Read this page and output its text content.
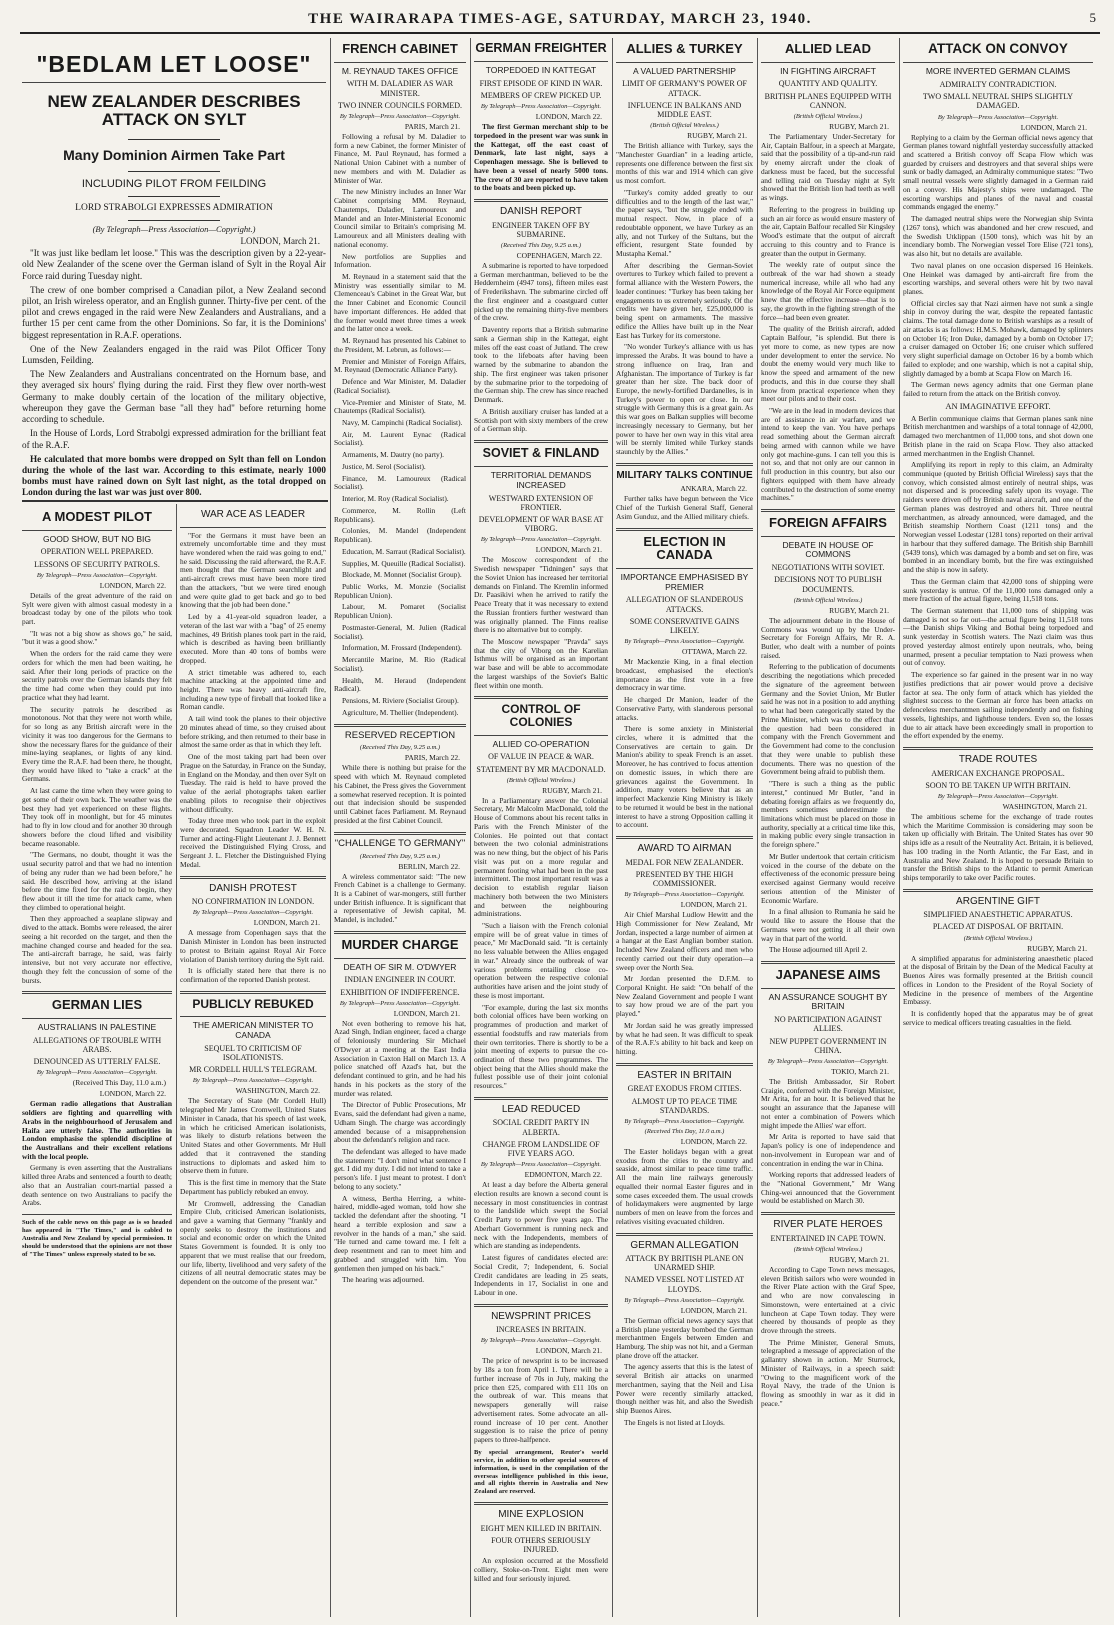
THE WAIRARAPA TIMES-AGE, SATURDAY, MARCH 23, 1940.	5
"BEDLAM LET LOOSE"
NEW ZEALANDER DESCRIBES ATTACK ON SYLT
Many Dominion Airmen Take Part
INCLUDING PILOT FROM FEILDING
LORD STRABOLGI EXPRESSES ADMIRATION
(By Telegraph—Press Association—Copyright.)
LONDON, March 21.

"It was just like bedlam let loose." This was the description given by a 22-year-old New Zealander of the scene over the German island of Sylt in the Royal Air Force raid during Tuesday night.

The crew of one bomber comprised a Canadian pilot, a New Zealand second pilot, an Irish wireless operator, and an English gunner. Thirty-five per cent. of the pilot and crews engaged in the raid were New Zealanders and Australians, and a further 15 per cent came from the other Dominions. So far, it is the Dominions' biggest representation in R.A.F. operations.

One of the New Zealanders engaged in the raid was Pilot Officer Tony Lumsden, Feilding.

The New Zealanders and Australians concentrated on the Hornum base, and they averaged six hours' flying during the raid. First they flew over north-west Germany to make doubly certain of the location of the military objective, whereupon they gave the German base "all they had" before returning home according to schedule.

In the House of Lords, Lord Strabolgi expressed admiration for the brilliant feat of the R.A.F.

He calculated that more bombs were dropped on Sylt than fell on London during the whole of the last war. According to this estimate, nearly 1000 bombs must have rained down on Sylt last night, as the total dropped on London during the last war was just over 800.

A MODEST PILOT
GOOD SHOW, BUT NO BIG
OPERATION WELL PREPARED.
LESSONS OF SECURITY PATROLS.
By Telegraph—Press Association—Copyright.
LONDON, March 22.

Details of the great adventure of the raid on Sylt were given with almost casual modesty in a broadcast today by one of the pilots who took part.

"It was not a big show as shows go," he said, "but it was a good show."

When the orders for the raid came they were orders for which the men had been waiting, he said. After their long periods of practice on the security patrols over the German islands they felt the time had come when they could put into practice what they had learnt.

The security patrols he described as monotonous. Not that they were not worth while, for so long as any British aircraft were in the vicinity it was too dangerous for the Germans to show the necessary flares for the guidance of their mine-laying seaplanes, or lights of any kind. Every time the R.A.F. had been there, he thought, they would have liked to "take a crack" at the Germans.

At last came the time when they were going to get some of their own back. The weather was the best they had yet experienced on these flights. They took off in moonlight, but for 45 minutes had to fly in low cloud and for another 30 through showers before the cloud lifted and visibility became reasonable.

"The Germans, no doubt, thought it was the usual security patrol and that we had no intention of being any ruder than we had been before," he said. He described how, arriving at the island before the time fixed for the raid to begin, they flew about it till the time for attack came, when they climbed to operational height.

Then they approached a seaplane slipway and dived to the attack. Bombs were released, the airer seeing a hit recorded on the target, and then the machine changed course and headed for the sea. The anti-aircraft barrage, he said, was fairly intensive, but not very accurate nor effective, though they felt the concussion of some of the bursts.

GERMAN LIES
AUSTRALIANS IN PALESTINE
ALLEGATIONS OF TROUBLE WITH ARABS.
DENOUNCED AS UTTERLY FALSE.
By Telegraph—Press Association—Copyright.
(Received This Day, 11.0 a.m.)
LONDON, March 22.

German radio allegations that Australian soldiers are fighting and quarrelling with Arabs in the neighbourhood of Jerusalem and Haifa are utterly false. The authorities in London emphasise the splendid discipline of the Australians and their excellent relations with the local people.

Germany is even asserting that the Australians killed three Arabs and sentenced a fourth to death; also that an Australian court-martial passed a death sentence on two Australians to pacify the Arabs.

Such of the cable news on this page as is so headed has appeared in "The Times," and is cabled to Australia and New Zealand by special permission. It should be understood that the opinions are not those of "The Times" unless expressly stated to be so.

WAR ACE AS LEADER

"For the Germans it must have been an extremely uncomfortable time and they must have wondered when the raid was going to end," he said. Discussing the raid afterward, the R.A.F. men thought that the German searchlight and anti-aircraft crews must have been more tired than the attackers, "but we were tired enough and were quite glad to get back and go to bed knowing that the job had been done."

Led by a 41-year-old squadron leader, a veteran of the last war with a "bag" of 25 enemy machines, 49 British planes took part in the raid, which is described as having been brilliantly executed. More than 40 tons of bombs were dropped.

A strict timetable was adhered to, each machine attacking at the appointed time and height. There was heavy anti-aircraft fire, including a new type of fireball that looked like a Roman candle.

A tail wind took the planes to their objective 20 minutes ahead of time, so they cruised about before striking, and then returned to their base in almost the same order as that in which they left.

One of the most taking part had been over Prague on the Saturday, in France on the Sunday, in England on the Monday, and then over Sylt on Tuesday. The raid is held to have proved the value of the aerial photographs taken earlier enabling pilots to recognise their objectives without difficulty.

Today three men who took part in the exploit were decorated. Squadron Leader W. H. N. Turner and acting-Flight Lieutenant J. J. Bennett received the Distinguished Flying Cross, and Sergeant J. L. Fletcher the Distinguished Flying Medal.

DANISH PROTEST
NO CONFIRMATION IN LONDON.
By Telegraph—Press Association—Copyright.
LONDON, March 21.

A message from Copenhagen says that the Danish Minister in London has been instructed to protest to Britain against Royal Air Force violation of Danish territory during the Sylt raid.

It is officially stated here that there is no confirmation of the reported Danish protest.

PUBLICLY REBUKED
THE AMERICAN MINISTER TO CANADA
SEQUEL TO CRITICISM OF ISOLATIONISTS.
MR CORDELL HULL'S TELEGRAM.
By Telegraph—Press Association—Copyright.
WASHINGTON, March 22.

The Secretary of State (Mr Cordell Hull) telegraphed Mr James Cromwell, United States Minister in Canada, that his speech of last week, in which he criticised American isolationists, was likely to disturb relations between the United States and other Governments. Mr Hull added that it contravened the standing instructions to diplomats and asked him to observe them in future.

This is the first time in memory that the State Department has publicly rebuked an envoy.

Mr Cromwell, addressing the Canadian Empire Club, criticised American isolationists, and gave a warning that Germany "frankly and openly seeks to destroy the institutions and social and economic order on which the United States Government is founded. It is only too apparent that we must realise that our freedom, our life, liberty, livelihood and very safety of the citizens of all neutral democratic states may be dependent on the outcome of the present war."

FRENCH CABINET
M. REYNAUD TAKES OFFICE
WITH M. DALADIER AS WAR MINISTER.
TWO INNER COUNCILS FORMED.
By Telegraph—Press Association—Copyright.
PARIS, March 21.

Following a refusal by M. Daladier to form a new Cabinet, the former Minister of Finance, M. Paul Reynaud, has formed a National Union Cabinet with a number of new members and with M. Daladier as Minister of War.

The new Ministry includes an Inner War Cabinet comprising MM. Reynaud, Chautemps, Daladier, Lamoureux and Mandel and an Inter-Ministerial Economic Council similar to Britain's comprising M. Lamoureux and all Ministers dealing with national economy.

New portfolios are Supplies and Information.

M. Reynaud in a statement said that the Ministry was essentially similar to M. Clemenceau's Cabinet in the Great War, but the Inner Cabinet and Economic Council have important differences. He added that the former would meet three times a week and the latter once a week.

M. Reynaud has presented his Cabinet to the President, M. Lebrun, as follows:—

Premier and Minister of Foreign Affairs, M. Reynaud (Democratic Alliance Party).

Defence and War Minister, M. Daladier (Radical Socialist).

Vice-Premier and Minister of State, M. Chautemps (Radical Socialist).

Navy, M. Campinchi (Radical Socialist).

Air, M. Laurent Eynac (Radical Socialist).

Armaments, M. Dautry (no party).

Justice, M. Serol (Socialist).

Finance, M. Lamoureux (Radical Socialist).

Interior, M. Roy (Radical Socialist).

Commerce, M. Rollin (Left Republicans).

Colonies, M. Mandel (Independent Republican).

Education, M. Sarraut (Radical Socialist).

Supplies, M. Queuille (Radical Socialist).

Blockade, M. Monnet (Socialist Group).

Public Works, M. Monzie (Socialist Republican Union).

Labour, M. Pomaret (Socialist Republican Union).

Postmaster-General, M. Julien (Radical Socialist).

Information, M. Frossard (Independent).

Mercantile Marine, M. Rio (Radical Socialist).

Health, M. Heraud (Independent Radical).

Pensions, M. Riviere (Socialist Group).

Agriculture, M. Thellier (Independent).

RESERVED RECEPTION
(Received This Day, 9.25 a.m.)
PARIS, March 22.

While there is nothing but praise for the speed with which M. Reynaud completed his Cabinet, the Press gives the Government a somewhat reserved reception. It is pointed out that indecision should be suspended until Cabinet faces Parliament. M. Reynaud presided at the first Cabinet Council.

"CHALLENGE TO GERMANY"
(Received This Day, 9.25 a.m.)
BERLIN, March 22.

A wireless commentator said: "The new French Cabinet is a challenge to Germany. It is a Cabinet of war-mongers, still further under British influence. It is significant that a representative of Jewish capital, M. Mandel, is included."

MURDER CHARGE
DEATH OF SIR M. O'DWYER
INDIAN ENGINEER IN COURT.
EXHIBITION OF INDIFFERENCE.
By Telegraph—Press Association—Copyright.
LONDON, March 21.

Not even bothering to remove his hat, Azad Singh, Indian engineer, faced a charge of feloniously murdering Sir Michael O'Dwyer at a meeting at the East India Association in Caxton Hall on March 13. A police snatched off Azad's hat, but the defendant continued to grin, and he had his hands in his pockets as the story of the murder was related.

The Director of Public Prosecutions, Mr Evans, said the defendant had given a name, Udham Singh. The charge was accordingly amended because of a misapprehension about the defendant's religion and race.

The defendant was alleged to have made the statement: "I don't mind what sentence I get. I did my duty. I did not intend to take a person's life. I just meant to protest. I don't belong to any society."

A witness, Bertha Herring, a white-haired, middle-aged woman, told how she tackled the defendant after the shooting. "I heard a terrible explosion and saw a revolver in the hands of a man," she said. "He turned and came toward me. I felt a deep resentment and ran to meet him and grabbed and struggled with him. You gentlemen then jumped on his back."

The hearing was adjourned.

GERMAN FREIGHTER
TORPEDOED IN KATTEGAT
FIRST EPISODE OF KIND IN WAR.
MEMBERS OF CREW PICKED UP.
By Telegraph—Press Association—Copyright.
LONDON, March 22.

The first German merchant ship to be torpedoed in the present war was sunk in the Kattegat, off the east coast of Denmark, late last night, says a Copenhagen message. She is believed to have been a vessel of nearly 5000 tons. The crew of 30 are reported to have taken to the boats and been picked up.

DANISH REPORT
ENGINEER TAKEN OFF BY SUBMARINE.
(Received This Day, 9.25 a.m.)
COPENHAGEN, March 22.

A submarine is reported to have torpedoed a German merchantman, believed to be the Heddernheim (4947 tons), fifteen miles east of Frederikshavn. The submarine circled off the first engineer and a coastguard cutter picked up the remaining thirty-five members of the crew.

Daventry reports that a British submarine sank a German ship in the Kattegat, eight miles off the east coast of Jutland. The crew took to the lifeboats after having been warned by the submarine to abandon the ship. The first engineer was taken prisoner by the submarine prior to the torpedoing of the German ship. The crew has since reached Denmark.

A British auxiliary cruiser has landed at a Scottish port with sixty members of the crew of a German ship.

SOVIET & FINLAND
TERRITORIAL DEMANDS INCREASED
WESTWARD EXTENSION OF FRONTIER.
DEVELOPMENT OF WAR BASE AT VIBORG.
By Telegraph—Press Association—Copyright.
LONDON, March 21.

The Moscow correspondent of the Swedish newspaper "Tidningen" says that the Soviet Union has increased her territorial demands on Finland. The Kremlin informed Dr. Paasikivi when he arrived to ratify the Peace Treaty that it was necessary to extend the Russian frontiers further westward than was originally planned. The Finns realise there is no alternative but to comply.

The Moscow newspaper "Pravda" says that the city of Viborg on the Karelian Isthmus will be organised as an important war base and will be able to accommodate the largest warships of the Soviet's Baltic fleet within one month.

CONTROL OF COLONIES
ALLIED CO-OPERATION
OF VALUE IN PEACE & WAR.
STATEMENT BY MR MACDONALD.
(British Official Wireless.)
RUGBY, March 21.

In a Parliamentary answer the Colonial Secretary, Mr Malcolm MacDonald, told the House of Commons about his recent talks in Paris with the French Minister of the Colonies. He pointed out that contact between the two colonial administrations was no new thing, but the object of his Paris visit was put on a more regular and permanent footing what had been in the past intermittent. The most important result was a decision to establish regular liaison machinery both between the two Ministers and between the neighbouring administrations.

"Such a liaison with the French colonial empire will be of great value in times of peace," Mr MacDonald said. "It is certainly no less valuable between the Allies engaged in war." Already since the outbreak of war various problems entailing close co-operation between the respective colonial authorities have arisen and the joint study of these is most important.

"For example, during the last six months both colonial offices have been working on programmes of production and market of essential foodstuffs and raw materials from their own territories. There is shortly to be a joint meeting of experts to pursue the co-ordination of these two programmes. The object being that the Allies should make the fullest possible use of their joint colonial resources."

LEAD REDUCED
SOCIAL CREDIT PARTY IN ALBERTA.
CHANGE FROM LANDSLIDE OF FIVE YEARS AGO.
By Telegraph—Press Association—Copyright.
EDMONTON, March 22.

At least a day before the Alberta general election results are known a second count is necessary in most constituencies in contrast to the landslide which swept the Social Credit Party to power five years ago. The Aberhart Government is running neck and neck with the Independents, members of which are standing as independents.

Latest figures of candidates elected are: Social Credit, 7; Independent, 6. Social Credit candidates are leading in 25 seats, Independents in 17, Socialist in one and Labour in one.

NEWSPRINT PRICES
INCREASES IN BRITAIN.
By Telegraph—Press Association—Copyright.
LONDON, March 21.

The price of newsprint is to be increased by 18s a ton from April 1. There will be a further increase of 70s in July, making the price then £25, compared with £11 10s on the outbreak of war. This means that newspapers generally will raise advertisement rates. Some advocate an all-round increase of 10 per cent. Another suggestion is to raise the price of penny papers to three-halfpence.

By special arrangement, Reuter's world service, in addition to other special sources of information, is used in the compilation of the overseas intelligence published in this issue, and all rights therein in Australia and New Zealand are reserved.

MINE EXPLOSION
EIGHT MEN KILLED IN BRITAIN.
FOUR OTHERS SERIOUSLY INJURED.

An explosion occurred at the Mossfield colliery, Stoke-on-Trent. Eight men were killed and four seriously injured.

ALLIES & TURKEY
A VALUED PARTNERSHIP
LIMIT OF GERMANY'S POWER OF ATTACK.
INFLUENCE IN BALKANS AND MIDDLE EAST.
(British Official Wireless.)
RUGBY, March 21.

The British alliance with Turkey, says the "Manchester Guardian" in a leading article, represents one difference between the first six months of this war and 1914 which can give us most comfort.

"Turkey's comity added greatly to our difficulties and to the length of the last war," the paper says, "but the struggle ended with mutual respect. Now, in place of a redoubtable opponent, we have Turkey as an ally, and not Turkey of the Sultans, but the efficient, resurgent State founded by Mustapha Kemal."

After describing the German-Soviet overtures to Turkey which failed to prevent a formal alliance with the Western Powers, the leader continues: "Turkey has been taking her engagements to us extremely seriously. Of the credits we have given her, £25,000,000 is being spent on armaments. The massive edifice the Allies have built up in the Near East has Turkey for its cornerstone.

"No wonder Turkey's alliance with us has impressed the Arabs. It was bound to have a strong influence on Iraq, Iran and Afghanistan. The importance of Turkey is far greater than her size. The back door of Europe, the newly-fortified Dardanelles, is in Turkey's power to open or close. In our struggle with Germany this is a great gain. As this war goes on Balkan supplies will become increasingly necessary to Germany, but her power to have her own way in this vital area will be sternly limited while Turkey stands staunchly by the Allies."

MILITARY TALKS CONTINUE
ANKARA, March 22.

Further talks have begun between the Vice Chief of the Turkish General Staff, General Asim Gunduz, and the Allied military chiefs.

ELECTION IN CANADA
IMPORTANCE EMPHASISED BY PREMIER
ALLEGATION OF SLANDEROUS ATTACKS.
SOME CONSERVATIVE GAINS LIKELY.
By Telegraph—Press Association—Copyright.
OTTAWA, March 22.

Mr Mackenzie King, in a final election broadcast, emphasised the election's importance as the first vote in a free democracy in war time.

He charged Dr Manion, leader of the Conservative Party, with slanderous personal attacks.

There is some anxiety in Ministerial circles, where it is admitted that the Conservatives are certain to gain. Dr Manion's ability to speak French is an asset. Moreover, he has contrived to focus attention on domestic issues, in which there are grievances against the Government. In addition, many voters believe that as an imperfect Mackenzie King Ministry is likely to be returned it would be best in the national interest to have a strong Opposition calling it to account.

AWARD TO AIRMAN
MEDAL FOR NEW ZEALANDER.
PRESENTED BY THE HIGH COMMISSIONER.
By Telegraph—Press Association—Copyright.
LONDON, March 21.

Air Chief Marshal Ludlow Hewitt and the High Commissioner for New Zealand, Mr Jordan, inspected a large number of airmen at a hangar at the East Anglian bomber station. Included New Zealand officers and men who recently carried out their duty operation—a sweep over the North Sea.

Mr Jordan presented the D.F.M. to Corporal Knight. He said: "On behalf of the New Zealand Government and people I want to say how proud we are of the part you played."

Mr Jordan said he was greatly impressed by what he had seen. It was difficult to speak of the R.A.F.'s ability to hit back and keep on hitting.

EASTER IN BRITAIN
GREAT EXODUS FROM CITIES.
ALMOST UP TO PEACE TIME STANDARDS.
By Telegraph—Press Association—Copyright.
(Received This Day, 11.0 a.m.)
LONDON, March 22.

The Easter holidays began with a great exodus from the cities to the country and seaside, almost similar to peace time traffic. All the main line railways generously equalled their normal Easter figures and in some cases exceeded them. The usual crowds of holidaymakers were augmented by large numbers of men on leave from the forces and relatives visiting evacuated children.

GERMAN ALLEGATION
ATTACK BY BRITISH PLANE ON UNARMED SHIP.
NAMED VESSEL NOT LISTED AT LLOYDS.
By Telegraph—Press Association—Copyright.
LONDON, March 21.

The German official news agency says that a British plane yesterday bombed the German merchantmen Engels between Emden and Hamburg. The ship was not hit, and a German plane drove off the attacker.

The agency asserts that this is the latest of several British air attacks on unarmed merchantmen, saying that the Neil and Lisa Power were recently similarly attacked, though neither was hit, and also the Swedish ship Buenos Aires.

The Engels is not listed at Lloyds.

ALLIED LEAD
IN FIGHTING AIRCRAFT
QUANTITY AND QUALITY.
BRITISH PLANES EQUIPPED WITH CANNON.
(British Official Wireless.)
RUGBY, March 21.

The Parliamentary Under-Secretary for Air, Captain Balfour, in a speech at Margate, said that the possibility of a tip-and-run raid by enemy aircraft under the cloak of darkness must be faced, but the successful and telling raid on Tuesday night at Sylt showed that the British lion had teeth as well as wings.

Referring to the progress in building up such an air force as would ensure mastery of the air, Captain Balfour recalled Sir Kingsley Wood's estimate that the output of aircraft accruing to this country and to France is greater than the output in Germany.

The weekly rate of output since the outbreak of the war had shown a steady numerical increase, while all who had any knowledge of the Royal Air Force equipment knew that the effective increase—that is to say, the growth in the fighting strength of the force—had been even greater.

The quality of the British aircraft, added Captain Balfour, "is splendid. But there is yet more to come, as new types are now under development to enter the service. No doubt the enemy would very much like to know the speed and armament of the new products, and this in due course they shall know from practical experience when they meet our pilots and to their cost.

"We are in the lead in modern devices that are of assistance in air warfare, and we intend to keep the van. You have perhaps read something about the German aircraft being armed with cannon while we have only got machine-guns. I can tell you this is not so, and that not only are our cannon in full production in this country, but also our fighters equipped with them have already contributed to the destruction of some enemy machines."

FOREIGN AFFAIRS
DEBATE IN HOUSE OF COMMONS
NEGOTIATIONS WITH SOVIET.
DECISIONS NOT TO PUBLISH DOCUMENTS.
(British Official Wireless.)
RUGBY, March 21.

The adjournment debate in the House of Commons was wound up by the Under-Secretary for Foreign Affairs, Mr R. A. Butler, who dealt with a number of points raised.

Referring to the publication of documents describing the negotiations which preceded the signature of the agreement between Germany and the Soviet Union, Mr Butler said he was not in a position to add anything to what had been categorically stated by the Prime Minister, which was to the effect that the question had been considered in company with the French Government and the Government had come to the conclusion that they were unable to publish these documents. There was no question of the Government being afraid to publish them.

"There is such a thing as the public interest," continued Mr Butler, "and in debating foreign affairs as we frequently do, members sometimes underestimate the limitations which must be placed on those in authority, specially at a critical time like this, in making public every single transaction in the foreign sphere."

Mr Butler undertook that certain criticism voiced in the course of the debate on the effectiveness of the economic pressure being exercised against Germany would receive serious attention of the Minister of Economic Warfare.

In a final allusion to Rumania he said he would like to assure the House that the Germans were not getting it all their own way in that part of the world.

The House adjourned till April 2.

JAPANESE AIMS
AN ASSURANCE SOUGHT BY BRITAIN
NO PARTICIPATION AGAINST ALLIES.
NEW PUPPET GOVERNMENT IN CHINA.
By Telegraph—Press Association—Copyright.
TOKIO, March 21.

The British Ambassador, Sir Robert Craigie, conferred with the Foreign Minister, Mr Arita, for an hour. It is believed that he sought an assurance that the Japanese will not enter a combination of Powers which might impede the Allies' war effort.

Mr Arita is reported to have said that Japan's policy is one of independence and non-involvement in European war and of concentration in ending the war in China.

Working reports that addressed leaders of the "National Government," Mr Wang Ching-wei announced that the Government would be established on March 30.

RIVER PLATE HEROES
ENTERTAINED IN CAPE TOWN.
(British Official Wireless.)
RUGBY, March 21.

According to Cape Town news messages, eleven British sailors who were wounded in the River Plate action with the Graf Spee, and who are now convalescing in Simonstown, were entertained at a civic luncheon at Cape Town today. They were cheered by thousands of people as they drove through the streets.

The Prime Minister, General Smuts, telegraphed a message of appreciation of the gallantry shown in action. Mr Sturrock, Minister of Railways, in a speech said: "Owing to the magnificent work of the Royal Navy, the trade of the Union is flowing as smoothly in war as it did in peace."

ATTACK ON CONVOY
MORE INVERTED GERMAN CLAIMS
ADMIRALTY CONTRADICTION.
TWO SMALL NEUTRAL SHIPS SLIGHTLY DAMAGED.
By Telegraph—Press Association—Copyright.
LONDON, March 21.

Replying to a claim by the German official news agency that German planes toward nightfall yesterday successfully attacked and scattered a British convoy off Scapa Flow which was guarded by cruisers and destroyers and that several ships were sunk or badly damaged, an Admiralty communique states: "Two small neutral vessels were slightly damaged in a German raid on a convoy. His Majesty's ships were undamaged. The escorting warships and planes of the naval and coastal commands engaged the enemy."

The damaged neutral ships were the Norwegian ship Svinta (1267 tons), which was abandoned and her crew rescued, and the Swedish Utklippan (1500 tons), which was hit by an incendiary bomb. The Norwegian vessel Tore Elise (721 tons), was also hit, but no details are available.

Two naval planes on one occasion dispersed 16 Heinkels. One Heinkel was damaged by anti-aircraft fire from the escorting warships, and several others were hit by two naval planes.

Official circles say that Nazi airmen have not sunk a single ship in convoy during the war, despite the repeated fantastic claims. The total damage done to British warships as a result of air attacks is as follows: H.M.S. Mohawk, damaged by splinters on October 16; Iron Duke, damaged by a bomb on October 17; a cruiser damaged on October 16; one cruiser which suffered very slight superficial damage on October 16 by a bomb which failed to explode; and one warship, which is not a capital ship, slightly damaged by a bomb at Scapa Flow on March 16.

The German news agency admits that one German plane failed to return from the attack on the British convoy.

AN IMAGINATIVE EFFORT.

A Berlin communique claims that German planes sank nine British merchantmen and warships of a total tonnage of 42,000, damaged two merchantmen of 11,000 tons, and shot down one British plane in the raid on Scapa Flow. They also attacked armed merchantmen in the English Channel.

Amplifying its report in reply to this claim, an Admiralty communique (quoted by British Official Wireless) says that the convoy, which consisted almost entirely of neutral ships, was not dispersed and is proceeding safely upon its voyage. The raiders were driven off by British naval aircraft, and one of the German planes was destroyed and others hit. Three neutral merchantmen, as already announced, were damaged, and the British steamship Northern Coast (1211 tons) and the Norwegian vessel Lodestar (1281 tons) reported on their arrival in harbour that they suffered damage. The British ship Barnhill (5439 tons), which was damaged by a bomb and set on fire, was bombed in an incendiary bomb, but the fire was extinguished and the ship is now in safety.

Thus the German claim that 42,000 tons of shipping were sunk yesterday is untrue. Of the 11,000 tons damaged only a mere fraction of the actual figure, being 11,518 tons.

The German statement that 11,000 tons of shipping was damaged is not so far out—the actual figure being 11,518 tons—the Danish ships Viking and Bothal being torpedoed and sunk yesterday in Scottish waters. The Nazi claim was thus proved yesterday almost entirely upon neutrals, who, being unarmed, present a peculiar temptation to Nazi prowess when out of convoy.

The experience so far gained in the present war in no way justifies predictions that air power would prove a decisive factor at sea. The only form of attack which has yielded the slightest success to the German air force has been attacks on defenceless merchantmen sailing independently and on fishing vessels, lightships, and lighthouse tenders. Even so, the losses due to air attack have been exceedingly small in proportion to the effort expended by the enemy.

TRADE ROUTES
AMERICAN EXCHANGE PROPOSAL.
SOON TO BE TAKEN UP WITH BRITAIN.
By Telegraph—Press Association—Copyright.
WASHINGTON, March 21.

The ambitious scheme for the exchange of trade routes which the Maritime Commission is considering may soon be taken up officially with Britain. The United States has over 90 ships idle as a result of the Neutrality Act. Britain, it is believed, has 100 trading in the North Atlantic, the Far East, and in Australia and New Zealand. It is hoped to persuade Britain to transfer the British ships to the Atlantic to permit American ships temporarily to take over Pacific routes.

ARGENTINE GIFT
SIMPLIFIED ANAESTHETIC APPARATUS.
PLACED AT DISPOSAL OF BRITAIN.
(British Official Wireless.)
RUGBY, March 21.

A simplified apparatus for administering anaesthetic placed at the disposal of Britain by the Dean of the Medical Faculty at Buenos Aires was formally presented at the British council offices in London to the President of the Royal Society of Medicine in the presence of members of the Argentine Embassy.

It is confidently hoped that the apparatus may be of great service to medical officers treating casualties in the field.
